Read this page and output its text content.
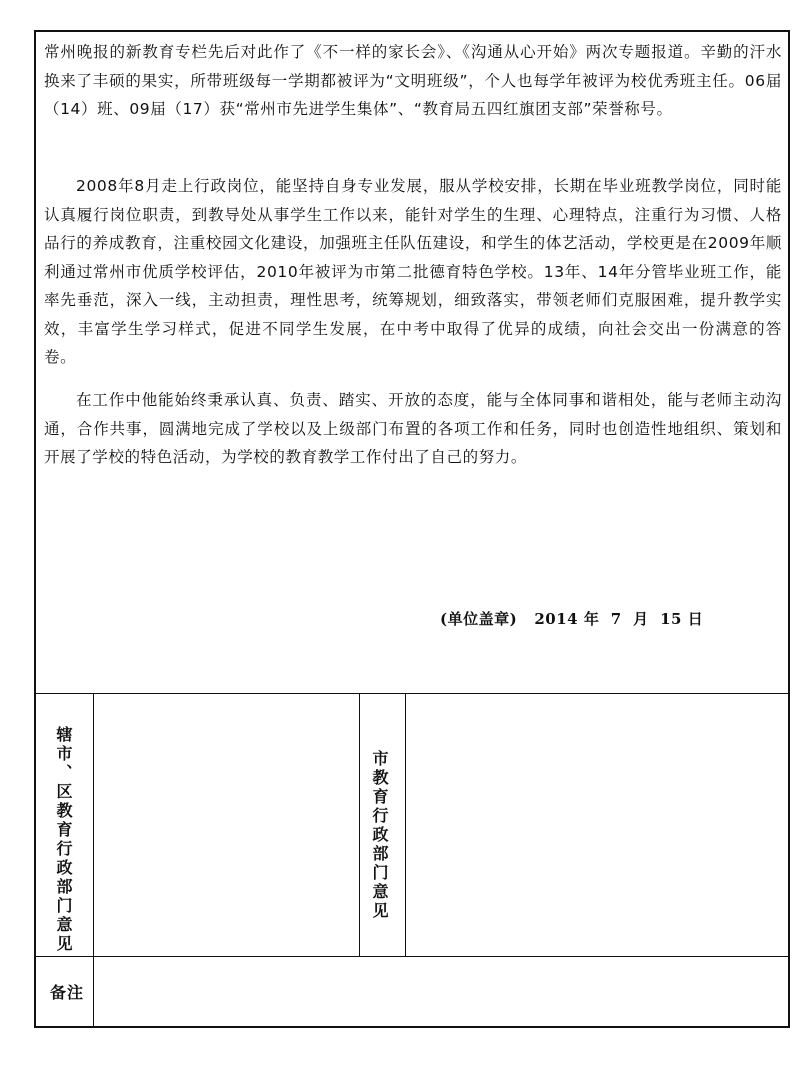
常州晚报的新教育专栏先后对此作了《不一样的家长会》、《沟通从心开始》两次专题报道。辛勤的汗水换来了丰硕的果实，所带班级每一学期都被评为“文明班级”，个人也每学年被评为校优秀班主任。06届（14）班、09届（17）获“常州市先进学生集体”、“教育局五四红旗团支部”荣誉称号。

2008年8月走上行政岗位，能坚持自身专业发展，服从学校安排，长期在毕业班教学岗位，同时能认真履行岗位职责，到教导处从事学生工作以来，能针对学生的生理、心理特点，注重行为习惯、人格品行的养成教育，注重校园文化建设，加强班主任队伍建设，和学生的体艺活动，学校更是在2009年顺利通过常州市优质学校评估，2010年被评为市第二批德育特色学校。13年、14年分管毕业班工作，能率先垂范，深入一线，主动担责，理性思考，统筹规划，细致落实，带领老师们克服困难，提升教学实效，丰富学生学习样式，促进不同学生发展，在中考中取得了优异的成绩，向社会交出一份满意的答卷。

在工作中他能始终秉承认真、负责、踏实、开放的态度，能与全体同事和谐相处，能与老师主动沟通，合作共事，圆满地完成了学校以及上级部门布置的各项工作和任务，同时也创造性地组织、策划和开展了学校的特色活动，为学校的教育教学工作付出了自己的努力。

(单位盖章)   2014 年  7  月  15 日
辖市、区教育行政部门意见	市教育行政部门意见
备注
